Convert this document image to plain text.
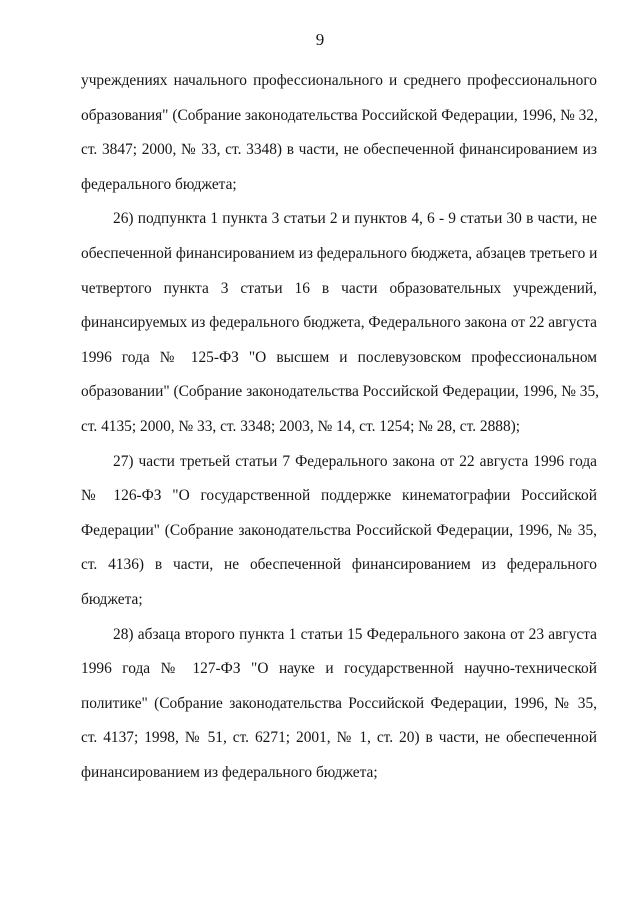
9
учреждениях начального профессионального и среднего профессионального
образования" (Собрание законодательства Российской Федерации, 1996, № 32,
ст. 3847; 2000, № 33, ст. 3348) в части, не обеспеченной финансированием из
федерального бюджета;
26) подпункта 1 пункта 3 статьи 2 и пунктов 4, 6 - 9 статьи 30 в части, не
обеспеченной финансированием из федерального бюджета, абзацев третьего и
четвертого пункта 3 статьи 16 в части образовательных учреждений,
финансируемых из федерального бюджета, Федерального закона от 22 августа
1996 года № 125-ФЗ "О высшем и послевузовском профессиональном
образовании" (Собрание законодательства Российской Федерации, 1996, № 35,
ст. 4135; 2000, № 33, ст. 3348; 2003, № 14, ст. 1254; № 28, ст. 2888);
27) части третьей статьи 7 Федерального закона от 22 августа 1996 года
№ 126-ФЗ "О государственной поддержке кинематографии Российской
Федерации" (Собрание законодательства Российской Федерации, 1996, № 35,
ст. 4136) в части, не обеспеченной финансированием из федерального
бюджета;
28) абзаца второго пункта 1 статьи 15 Федерального закона от 23 августа
1996 года № 127-ФЗ "О науке и государственной научно-технической
политике" (Собрание законодательства Российской Федерации, 1996, № 35,
ст. 4137; 1998, № 51, ст. 6271; 2001, № 1, ст. 20) в части, не обеспеченной
финансированием из федерального бюджета;
